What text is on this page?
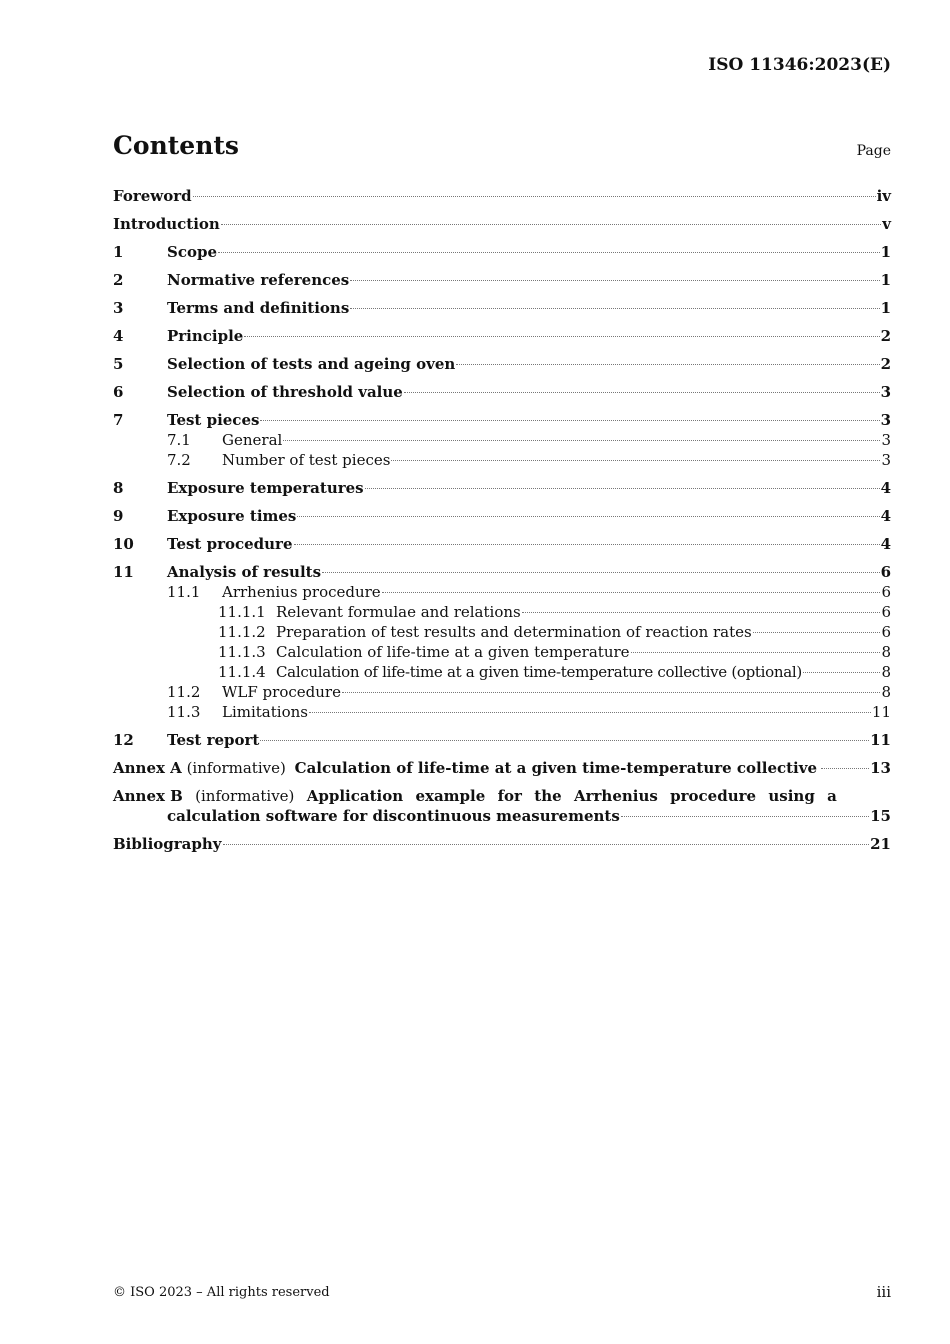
ISO 11346:2023(E)
Contents	Page
Foreword	iv
Introduction	v
1	Scope	1
2	Normative references	1
3	Terms and definitions	1
4	Principle	2
5	Selection of tests and ageing oven	2
6	Selection of threshold value	3
7	Test pieces	3
7.1 General	3
7.2 Number of test pieces	3
8	Exposure temperatures	4
9	Exposure times	4
10 Test procedure	4
11 Analysis of results	6
11.1 Arrhenius procedure	6
11.1.1 Relevant formulae and relations	6
11.1.2 Preparation of test results and determination of reaction rates	6
11.1.3 Calculation of life-time at a given temperature	8
11.1.4 Calculation of life-time at a given time-temperature collective (optional)	8
11.2 WLF procedure	8
11.3 Limitations	11
12 Test report	11
Annex A (informative) Calculation of life-time at a given time-temperature collective	13
Annex B (informative) Application example for the Arrhenius procedure using a
calculation software for discontinuous measurements	15
Bibliography	21
© ISO 2023 – All rights reserved	iii
